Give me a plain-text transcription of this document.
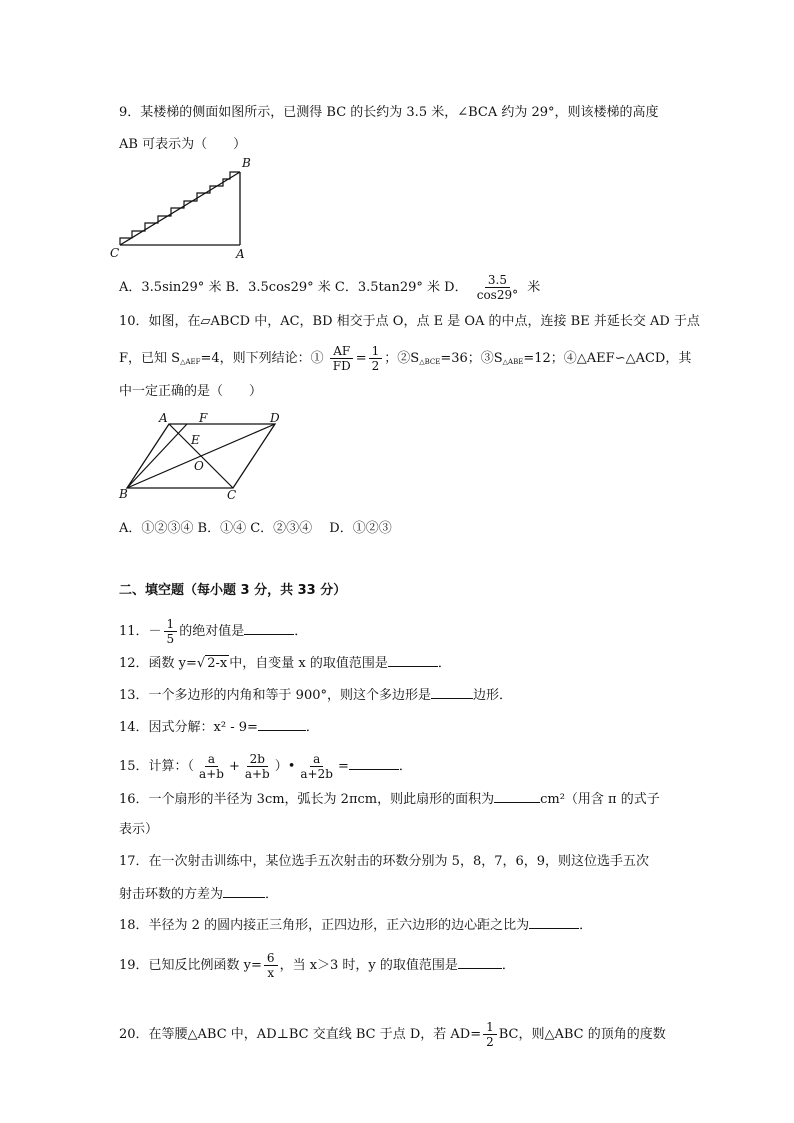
9．某楼梯的侧面如图所示，已测得 BC 的长约为 3.5 米，∠BCA 约为 29°，则该楼梯的高度
AB 可表示为（　　）
B
C	A
A．3.5sin29° 米 B．3.5cos29° 米 C．3.5tan29° 米 D． $\frac{3.5}{\cos 29^\circ}$ 米
10．如图，在▱ABCD 中，AC，BD 相交于点 O，点 E 是 OA 的中点，连接 BE 并延长交 AD 于点
F，已知 $S_{\triangle AEF}=4$，则下列结论：① $\frac{AF}{FD} = \frac{1}{2}$ ；$②S_{\triangle BCE}=36$；$③S_{\triangle ABE}=12$；④△AEF∽△ACD，其
中一定正确的是（　　）
A	F	D
E
O
B	C
A．①②③④ B．①④ C．②③④　 D．①②③
二、填空题（每小题 3 分，共 33 分）
11．－ $\frac{1}{5}$ 的绝对值是	．
12．函数 y=√ 2-x 中，自变量 x 的取值范围是	．
13．一个多边形的内角和等于 900°，则这个多边形是	边形．
14．因式分解：x² - 9=	．
15．计算：（ $\frac{a}{a+b} + \frac{2b}{a+b}$ ）• $\frac{a}{a+2b}$ =	．
16．一个扇形的半径为 3cm，弧长为 2πcm，则此扇形的面积为	cm²（用含 π 的式子
表示）
17．在一次射击训练中，某位选手五次射击的环数分别为 5，8，7，6，9，则这位选手五次
射击环数的方差为	．
18．半径为 2 的圆内接正三角形，正四边形，正六边形的边心距之比为	．
19．已知反比例函数 $y= \frac{6}{x}$ ，当 x＞3 时，y 的取值范围是	．
20．在等腰△ABC 中，AD⊥BC 交直线 BC 于点 D，若 $AD= \frac{1}{2}$ BC，则△ABC 的顶角的度数
